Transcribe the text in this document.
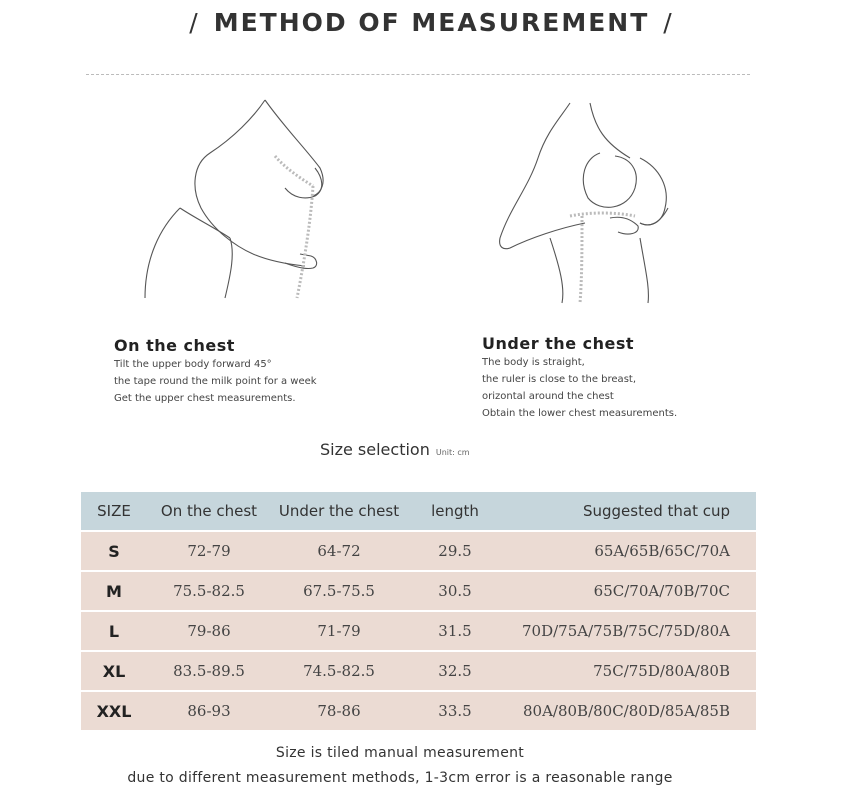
/ METHOD OF MEASUREMENT /
On the chest
Tilt the upper body forward 45°
the tape round the milk point for a week
Get the upper chest measurements.
Under the chest
The body is straight,
the ruler is close to the breast,
orizontal around the chest
Obtain the lower chest measurements.
Size selection Unit: cm
SIZE	On the chest	Under the chest	length	Suggested that cup
S	72-79	64-72	29.5	65A/65B/65C/70A
M	75.5-82.5	67.5-75.5	30.5	65C/70A/70B/70C
L	79-86	71-79	31.5	70D/75A/75B/75C/75D/80A
XL	83.5-89.5	74.5-82.5	32.5	75C/75D/80A/80B
XXL	86-93	78-86	33.5	80A/80B/80C/80D/85A/85B
Size is tiled manual measurement
due to different measurement methods, 1-3cm error is a reasonable range
